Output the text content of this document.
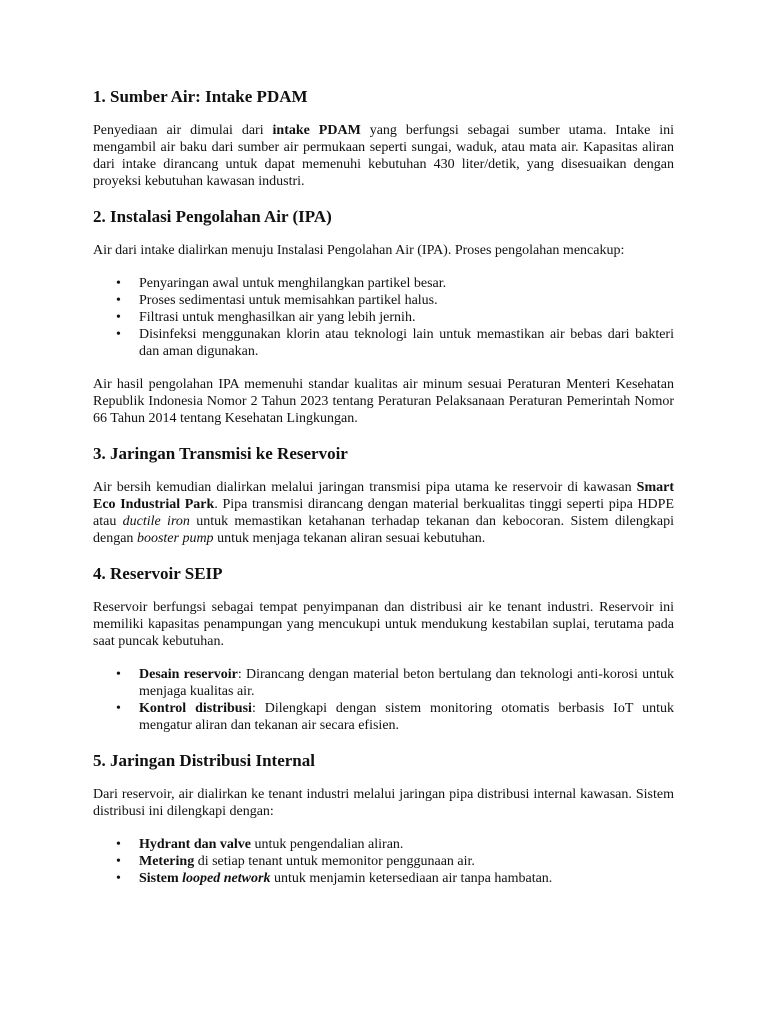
1. Sumber Air: Intake PDAM

Penyediaan air dimulai dari intake PDAM yang berfungsi sebagai sumber utama. Intake ini mengambil air baku dari sumber air permukaan seperti sungai, waduk, atau mata air. Kapasitas aliran dari intake dirancang untuk dapat memenuhi kebutuhan 430 liter/detik, yang disesuaikan dengan proyeksi kebutuhan kawasan industri.

2. Instalasi Pengolahan Air (IPA)

Air dari intake dialirkan menuju Instalasi Pengolahan Air (IPA). Proses pengolahan mencakup:

• Penyaringan awal untuk menghilangkan partikel besar.
• Proses sedimentasi untuk memisahkan partikel halus.
• Filtrasi untuk menghasilkan air yang lebih jernih.
• Disinfeksi menggunakan klorin atau teknologi lain untuk memastikan air bebas dari bakteri dan aman digunakan.

Air hasil pengolahan IPA memenuhi standar kualitas air minum sesuai Peraturan Menteri Kesehatan Republik Indonesia Nomor 2 Tahun 2023 tentang Peraturan Pelaksanaan Peraturan Pemerintah Nomor 66 Tahun 2014 tentang Kesehatan Lingkungan.

3. Jaringan Transmisi ke Reservoir

Air bersih kemudian dialirkan melalui jaringan transmisi pipa utama ke reservoir di kawasan Smart Eco Industrial Park. Pipa transmisi dirancang dengan material berkualitas tinggi seperti pipa HDPE atau ductile iron untuk memastikan ketahanan terhadap tekanan dan kebocoran. Sistem dilengkapi dengan booster pump untuk menjaga tekanan aliran sesuai kebutuhan.

4. Reservoir SEIP

Reservoir berfungsi sebagai tempat penyimpanan dan distribusi air ke tenant industri. Reservoir ini memiliki kapasitas penampungan yang mencukupi untuk mendukung kestabilan suplai, terutama pada saat puncak kebutuhan.

• Desain reservoir: Dirancang dengan material beton bertulang dan teknologi anti-korosi untuk menjaga kualitas air.
• Kontrol distribusi: Dilengkapi dengan sistem monitoring otomatis berbasis IoT untuk mengatur aliran dan tekanan air secara efisien.
5. Jaringan Distribusi Internal

Dari reservoir, air dialirkan ke tenant industri melalui jaringan pipa distribusi internal kawasan. Sistem distribusi ini dilengkapi dengan:

• Hydrant dan valve untuk pengendalian aliran.
• Metering di setiap tenant untuk memonitor penggunaan air.
• Sistem looped network untuk menjamin ketersediaan air tanpa hambatan.
